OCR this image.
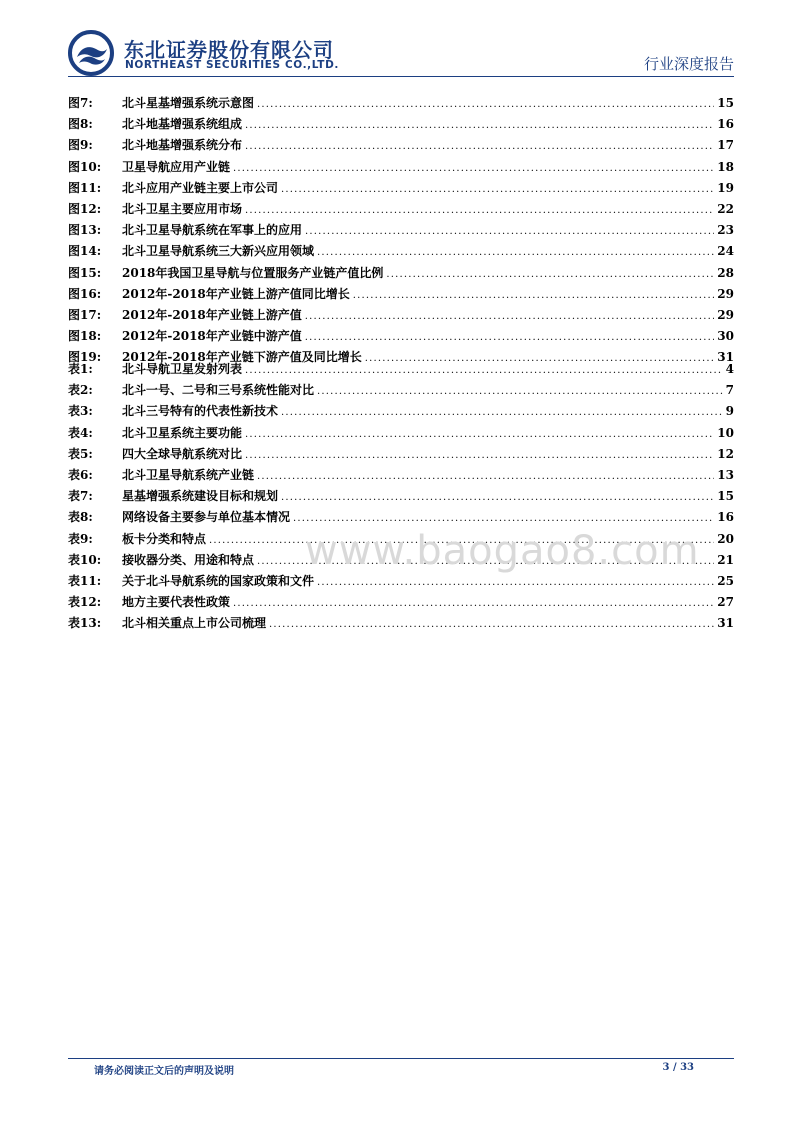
东北证券股份有限公司
NORTHEAST SECURITIES CO.,LTD.	行业深度报告
图 7:	北斗星基增强系统示意图 .....	15
图 8:	北斗地基增强系统组成 .....	16
图 9:	北斗地基增强系统分布 .....	17
图 10:	卫星导航应用产业链 .....	18
图 11:	北斗应用产业链主要上市公司 .....	19
图 12:	北斗卫星主要应用市场 .....	22
图 13:	北斗卫星导航系统在军事上的应用 .....	23
图 14:	北斗卫星导航系统三大新兴应用领域 .....	24
图 15:	2018年我国卫星导航与位置服务产业链产值比例 .....	28
图 16:	2012年-2018年产业链上游产值同比增长 .....	29
图 17:	2012年-2018年产业链上游产值 .....	29
图 18:	2012年-2018年产业链中游产值 .....	30
图 19:	2012年-2018年产业链下游产值及同比增长 .....	31
表 1:	北斗导航卫星发射列表 .....	4
表 2:	北斗一号、二号和三号系统性能对比 .....	7
表 3:	北斗三号特有的代表性新技术 .....	9
表 4:	北斗卫星系统主要功能 .....	10
表 5:	四大全球导航系统对比 .....	12
表 6:	北斗卫星导航系统产业链 .....	13
表 7:	星基增强系统建设目标和规划 .....	15
表 8:	网络设备主要参与单位基本情况 .....	16
表 9:	板卡分类和特点 .....	20
表 10:	接收器分类、用途和特点 .....	21
表 11:	关于北斗导航系统的国家政策和文件 .....	25
表 12:	地方主要代表性政策 .....	27
表 13:	北斗相关重点上市公司梳理 .....	31
www.baogao8.com
请务必阅读正文后的声明及说明	3 / 33
